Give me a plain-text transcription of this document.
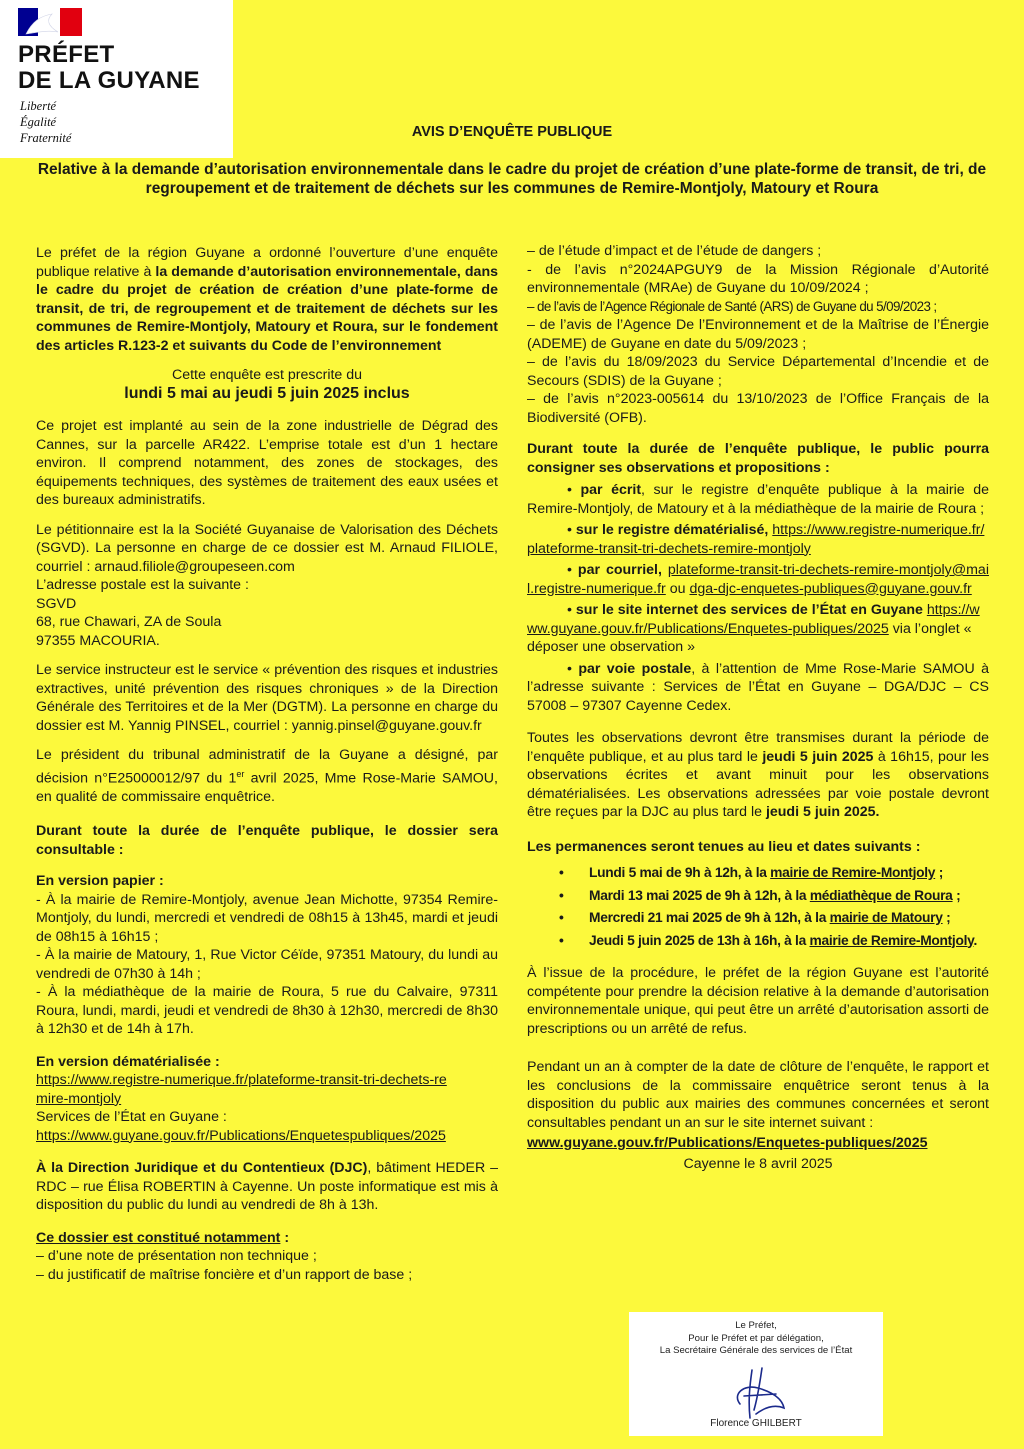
PRÉFET
DE LA GUYANE
Liberté
Égalité
Fraternité	AVIS D’ENQUÊTE PUBLIQUE
Relative à la demande d’autorisation environnementale dans le cadre du projet de création d’une plate-forme de transit, de tri, de regroupement et de traitement de déchets sur les communes de Remire-Montjoly, Matoury et Roura

Le préfet de la région Guyane a ordonné l’ouverture d’une enquête publique relative à la demande d’autorisation environnementale, dans le cadre du projet de création de création d’une plate-forme de transit, de tri, de regroupement et de traitement de déchets sur les communes de Remire-Montjoly, Matoury et Roura, sur le fondement des articles R.123-2 et suivants du Code de l’environnement

Cette enquête est prescrite du
lundi 5 mai au jeudi 5 juin 2025 inclus

Ce projet est implanté au sein de la zone industrielle de Dégrad des Cannes, sur la parcelle AR422. L’emprise totale est d’un 1 hectare environ. Il comprend notamment, des zones de stockages, des équipements techniques, des systèmes de traitement des eaux usées et des bureaux administratifs.

Le pétitionnaire est la la Société Guyanaise de Valorisation des Déchets (SGVD). La personne en charge de ce dossier est M. Arnaud FILIOLE, courriel : arnaud.filiole@groupeseen.com
L’adresse postale est la suivante :
SGVD
68, rue Chawari, ZA de Soula
97355 MACOURIA.

Le service instructeur est le service « prévention des risques et industries extractives, unité prévention des risques chroniques » de la Direction Générale des Territoires et de la Mer (DGTM). La personne en charge du dossier est M. Yannig PINSEL, courriel : yannig.pinsel@guyane.gouv.fr

Le président du tribunal administratif de la Guyane a désigné, par décision n°E25000012/97 du 1er avril 2025, Mme Rose-Marie SAMOU, en qualité de commissaire enquêtrice.

Durant toute la durée de l’enquête publique, le dossier sera consultable :

En version papier :
- À la mairie de Remire-Montjoly, avenue Jean Michotte, 97354 Remire-Montjoly, du lundi, mercredi et vendredi de 08h15 à 13h45, mardi et jeudi de 08h15 à 16h15 ;
- À la mairie de Matoury, 1, Rue Victor Céïde, 97351 Matoury, du lundi au vendredi de 07h30 à 14h ;
- À la médiathèque de la mairie de Roura, 5 rue du Calvaire, 97311 Roura, lundi, mardi, jeudi et vendredi de 8h30 à 12h30, mercredi de 8h30 à 12h30 et de 14h à 17h.

En version dématérialisée :
https://www.registre-numerique.fr/plateforme-transit-tri-dechets-remire-montjoly
Services de l’État en Guyane :
https://www.guyane.gouv.fr/Publications/Enquetespubliques/2025

À la Direction Juridique et du Contentieux (DJC), bâtiment HEDER – RDC – rue Élisa ROBERTIN à Cayenne. Un poste informatique est mis à disposition du public du lundi au vendredi de 8h à 13h.

Ce dossier est constitué notamment :
– d’une note de présentation non technique ;
– du justificatif de maîtrise foncière et d’un rapport de base ;

– de l’étude d’impact et de l’étude de dangers ;
- de l’avis n°2024APGUY9 de la Mission Régionale d’Autorité environnementale (MRAe) de Guyane du 10/09/2024 ;
– de l’avis de l’Agence Régionale de Santé (ARS) de Guyane du 5/09/2023 ;
– de l’avis de l’Agence De l’Environnement et de la Maîtrise de l’Énergie (ADEME) de Guyane en date du 5/09/2023 ;
– de l’avis du 18/09/2023 du Service Départemental d’Incendie et de Secours (SDIS) de la Guyane ;
– de l’avis n°2023-005614 du 13/10/2023 de l’Office Français de la Biodiversité (OFB).

Durant toute la durée de l’enquête publique, le public pourra consigner ses observations et propositions :

• par écrit, sur le registre d’enquête publique à la mairie de Remire-Montjoly, de Matoury et à la médiathèque de la mairie de Roura ;

• sur le registre dématérialisé, https://www.registre-numerique.fr/plateforme-transit-tri-dechets-remire-montjoly

• par courriel, plateforme-transit-tri-dechets-remire-montjoly@mail.registre-numerique.fr ou dga-djc-enquetes-publiques@guyane.gouv.fr

• sur le site internet des services de l’État en Guyane https://www.guyane.gouv.fr/Publications/Enquetes-publiques/2025 via l’onglet « déposer une observation »

• par voie postale, à l’attention de Mme Rose-Marie SAMOU à l’adresse suivante : Services de l’État en Guyane – DGA/DJC – CS 57008 – 97307 Cayenne Cedex.

Toutes les observations devront être transmises durant la période de l’enquête publique, et au plus tard le jeudi 5 juin 2025 à 16h15, pour les observations écrites et avant minuit pour les observations dématérialisées. Les observations adressées par voie postale devront être reçues par la DJC au plus tard le jeudi 5 juin 2025.

Les permanences seront tenues au lieu et dates suivants :

• Lundi 5 mai de 9h à 12h, à la mairie de Remire-Montjoly ;
• Mardi 13 mai 2025 de 9h à 12h, à la médiathèque de Roura ;
• Mercredi 21 mai 2025 de 9h à 12h, à la mairie de Matoury ;
• Jeudi 5 juin 2025 de 13h à 16h, à la mairie de Remire-Montjoly.

À l’issue de la procédure, le préfet de la région Guyane est l’autorité compétente pour prendre la décision relative à la demande d’autorisation environnementale unique, qui peut être un arrêté d’autorisation assorti de prescriptions ou un arrêté de refus.

Pendant un an à compter de la date de clôture de l’enquête, le rapport et les conclusions de la commissaire enquêtrice seront tenus à la disposition du public aux mairies des communes concernées et seront consultables pendant un an sur le site internet suivant :

www.guyane.gouv.fr/Publications/Enquetes-publiques/2025

Cayenne le 8 avril 2025

Le Préfet,
Pour le Préfet et par délégation,
La Secrétaire Générale des services de l’État
Florence GHILBERT
